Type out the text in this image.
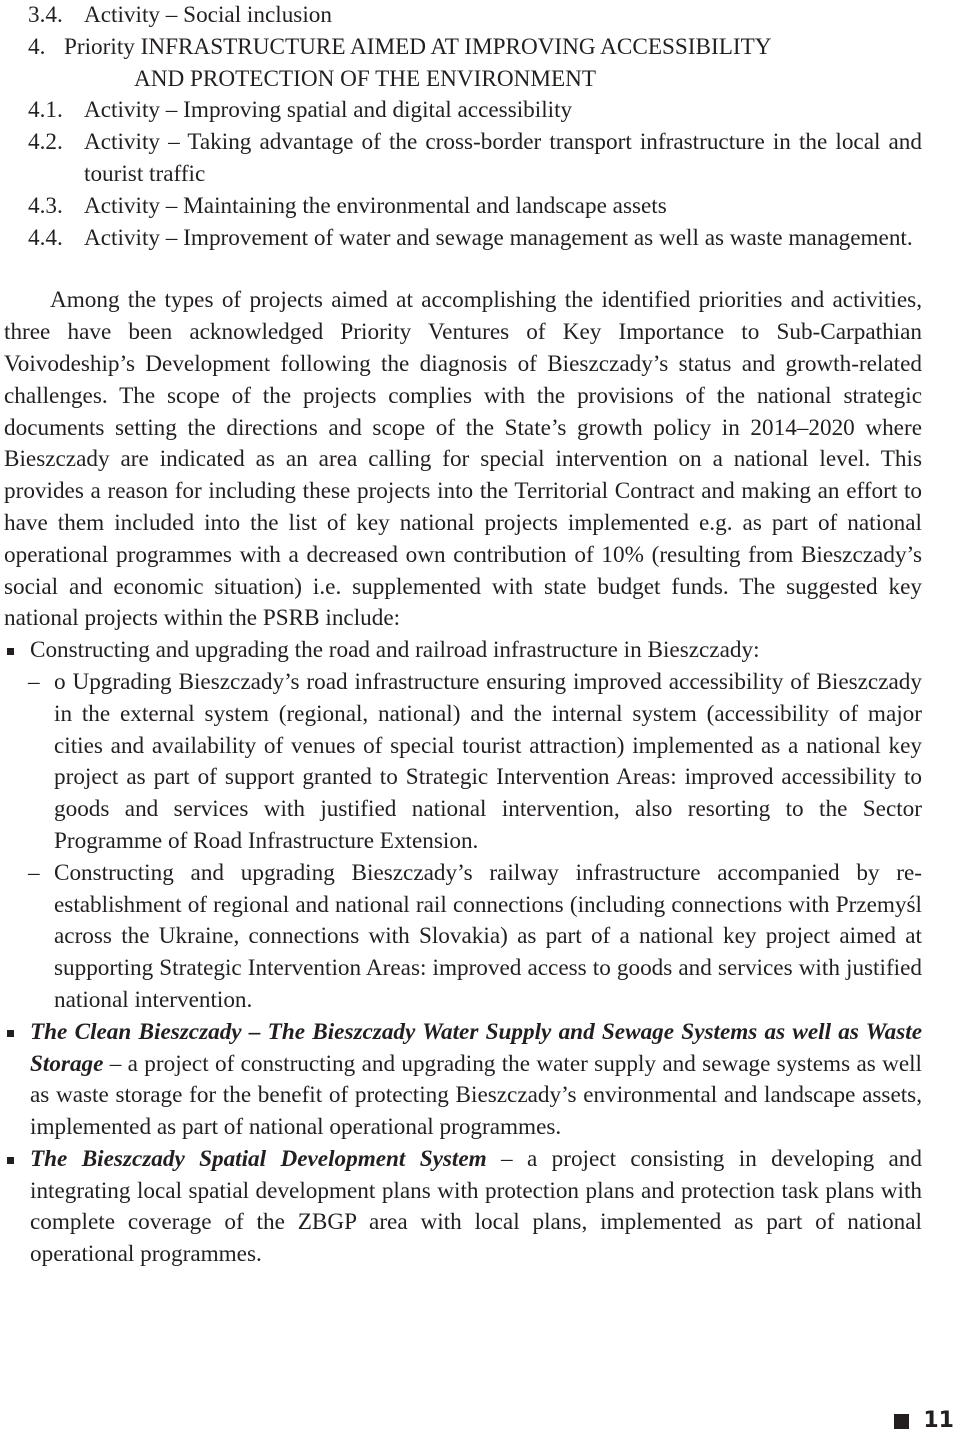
3.4. Activity – Social inclusion
4. Priority INFRASTRUCTURE AIMED AT IMPROVING ACCESSIBILITY
AND PROTECTION OF THE ENVIRONMENT
4.1. Activity – Improving spatial and digital accessibility
4.2. Activity – Taking advantage of the cross-border transport infrastructure in the local and tourist traffic
4.3. Activity – Maintaining the environmental and landscape assets
4.4. Activity – Improvement of water and sewage management as well as waste management.

Among the types of projects aimed at accomplishing the identified priorities and activities, three have been acknowledged Priority Ventures of Key Importance to Sub-Carpathian Voivodeship’s Development following the diagnosis of Bieszczady’s status and growth-related challenges. The scope of the projects complies with the provisions of the national strategic documents setting the directions and scope of the State’s growth policy in 2014–2020 where Bieszczady are indicated as an area calling for special intervention on a national level. This provides a reason for including these projects into the Territorial Contract and making an effort to have them included into the list of key national projects implemented e.g. as part of national operational programmes with a decreased own contribution of 10% (resulting from Bieszczady’s social and economic situation) i.e. supplemented with state budget funds. The suggested key national projects within the PSRB include:

Constructing and upgrading the road and railroad infrastructure in Bieszczady:
– o Upgrading Bieszczady’s road infrastructure ensuring improved accessibility of Bieszczady in the external system (regional, national) and the internal system (accessibility of major cities and availability of venues of special tourist attraction) implemented as a national key project as part of support granted to Strategic Intervention Areas: improved accessibility to goods and services with justified national intervention, also resorting to the Sector Programme of Road Infrastructure Extension.
– Constructing and upgrading Bieszczady’s railway infrastructure accompanied by re-establishment of regional and national rail connections (including connections with Przemyśl across the Ukraine, connections with Slovakia) as part of a national key project aimed at supporting Strategic Intervention Areas: improved access to goods and services with justified national intervention.
The Clean Bieszczady – The Bieszczady Water Supply and Sewage Systems as well as Waste Storage – a project of constructing and upgrading the water supply and sewage systems as well as waste storage for the benefit of protecting Bieszczady’s environmental and landscape assets, implemented as part of national operational programmes.
The Bieszczady Spatial Development System – a project consisting in developing and integrating local spatial development plans with protection plans and protection task plans with complete coverage of the ZBGP area with local plans, implemented as part of national operational programmes.
11
